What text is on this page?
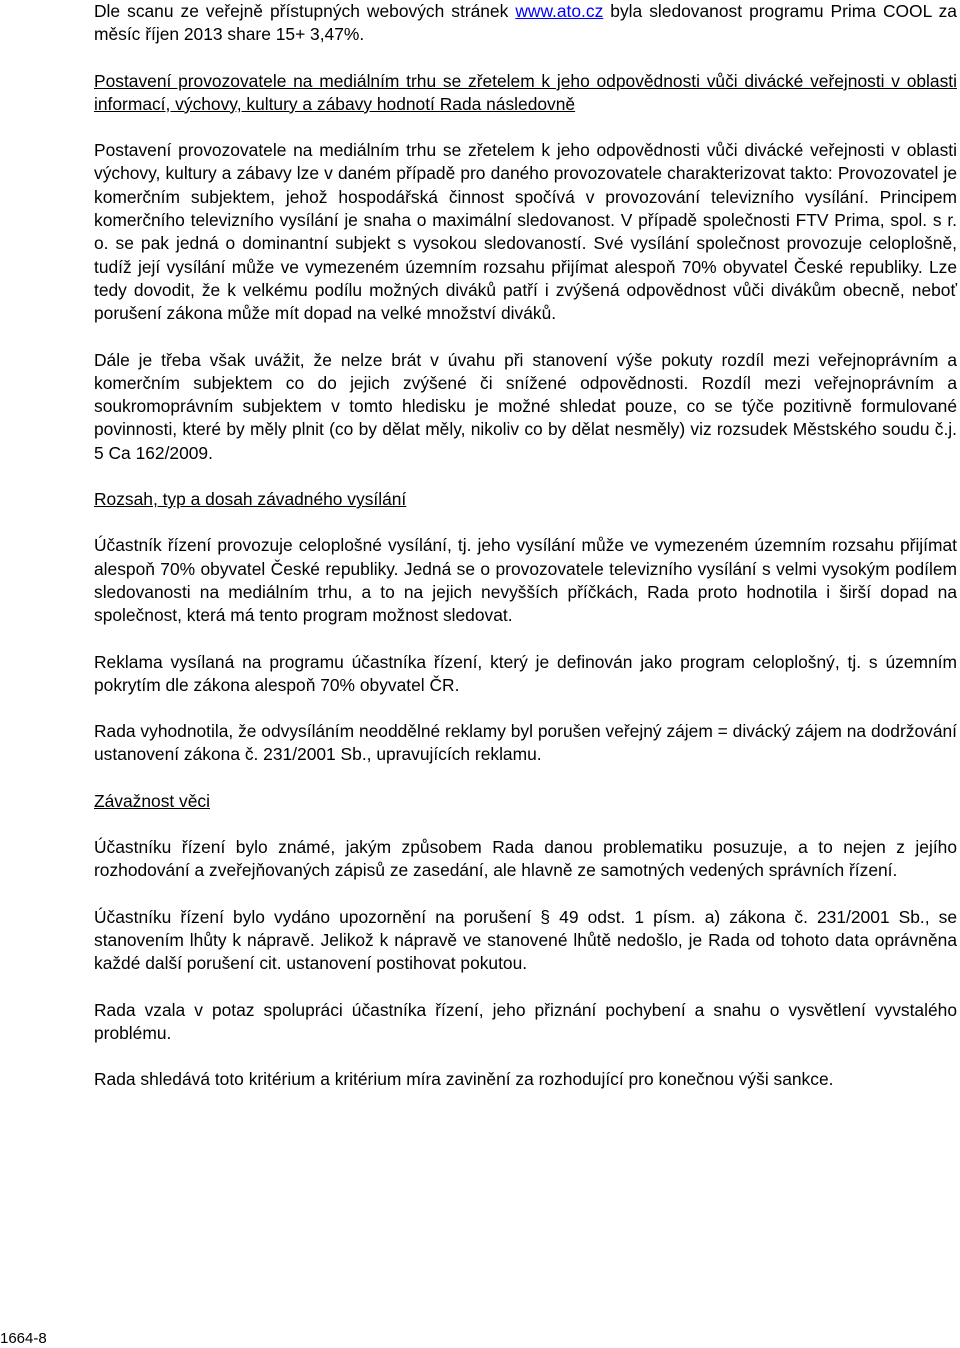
Dle scanu ze veřejně přístupných webových stránek www.ato.cz byla sledovanost programu Prima COOL za měsíc říjen 2013 share 15+ 3,47%.

Postavení provozovatele na mediálním trhu se zřetelem k jeho odpovědnosti vůči divácké veřejnosti v oblasti informací, výchovy, kultury a zábavy hodnotí Rada následovně

Postavení provozovatele na mediálním trhu se zřetelem k jeho odpovědnosti vůči divácké veřejnosti v oblasti výchovy, kultury a zábavy lze v daném případě pro daného provozovatele charakterizovat takto: Provozovatel je komerčním subjektem, jehož hospodářská činnost spočívá v provozování televizního vysílání. Principem komerčního televizního vysílání je snaha o maximální sledovanost. V případě společnosti FTV Prima, spol. s r. o. se pak jedná o dominantní subjekt s vysokou sledovaností. Své vysílání společnost provozuje celoplošně, tudíž její vysílání může ve vymezeném územním rozsahu přijímat alespoň 70% obyvatel České republiky. Lze tedy dovodit, že k velkému podílu možných diváků patří i zvýšená odpovědnost vůči divákům obecně, neboť porušení zákona může mít dopad na velké množství diváků.

Dále je třeba však uvážit, že nelze brát v úvahu při stanovení výše pokuty rozdíl mezi veřejnoprávním a komerčním subjektem co do jejich zvýšené či snížené odpovědnosti. Rozdíl mezi veřejnoprávním a soukromoprávním subjektem v tomto hledisku je možné shledat pouze, co se týče pozitivně formulované povinnosti, které by měly plnit (co by dělat měly, nikoliv co by dělat nesměly) viz rozsudek Městského soudu č.j. 5 Ca 162/2009.

Rozsah, typ a dosah závadného vysílání

Účastník řízení provozuje celoplošné vysílání, tj. jeho vysílání může ve vymezeném územním rozsahu přijímat alespoň 70% obyvatel České republiky. Jedná se o provozovatele televizního vysílání s velmi vysokým podílem sledovanosti na mediálním trhu, a to na jejich nevyšších příčkách, Rada proto hodnotila i širší dopad na společnost, která má tento program možnost sledovat.

Reklama vysílaná na programu účastníka řízení, který je definován jako program celoplošný, tj. s územním pokrytím dle zákona alespoň 70% obyvatel ČR.

Rada vyhodnotila, že odvysíláním neoddělné reklamy byl porušen veřejný zájem = divácký zájem na dodržování ustanovení zákona č. 231/2001 Sb., upravujících reklamu.

Závažnost věci

Účastníku řízení bylo známé, jakým způsobem Rada danou problematiku posuzuje, a to nejen z jejího rozhodování a zveřejňovaných zápisů ze zasedání, ale hlavně ze samotných vedených správních řízení.

Účastníku řízení bylo vydáno upozornění na porušení § 49 odst. 1 písm. a) zákona č. 231/2001 Sb., se stanovením lhůty k nápravě. Jelikož k nápravě ve stanovené lhůtě nedošlo, je Rada od tohoto data oprávněna každé další porušení cit. ustanovení postihovat pokutou.

Rada vzala v potaz spolupráci účastníka řízení, jeho přiznání pochybení a snahu o vysvětlení vyvstalého problému.

Rada shledává toto kritérium a kritérium míra zavinění za rozhodující pro konečnou výši sankce.

1664-8
